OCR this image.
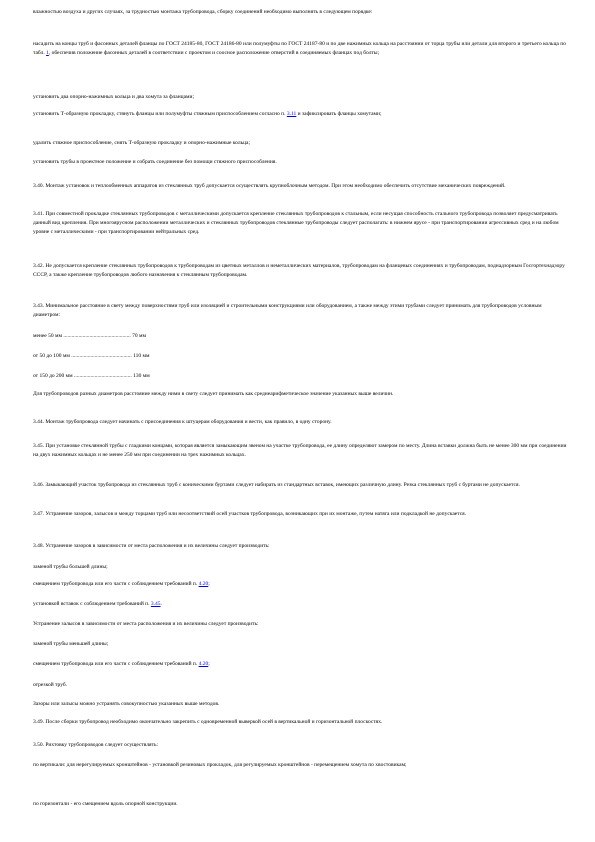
влажностью воздуха и других случаях, за трудностью монтажа трубопровода, сборку соединений необходимо выполнять в следующем порядке:

насадить на концы труб и фасонных деталей фланцы по ГОСТ 24185-80, ГОСТ 24186-80 или полумуфты по ГОСТ 24187-80 и по две нажимных кольца на расстоянии от торца трубы или детали для второго и третьего кольца по табл. 1, обеспечив положение фасонных деталей в соответствии с проектом и соосное расположение отверстий в соединяемых фланцах под болты;

установить два опорно-нажимных кольца и два хомута за фланцами;

установить Т-образную прокладку, стянуть фланцы или полумуфты стяжным приспособлением согласно п. 3.11 и зафиксировать фланцы хомутами;

удалить стяжное приспособление, снять Т-образную прокладку и опорно-нажимные кольца;

установить трубы в проектное положение и собрать соединение без помощи стяжного приспособления.

3.40. Монтаж установок и теплообменных аппаратов из стеклянных труб допускается осуществлять крупноблочным методом. При этом необходимо обеспечить отсутствие механических повреждений.

3.41. При совместной прокладке стеклянных трубопроводов с металлическими допускается крепление стеклянных трубопроводов к стальным, если несущая способность стального трубопровода позволяет предусматривать данный вид крепления. При многоярусном расположении металлических и стеклянных трубопроводов стеклянные трубопроводы следует располагать: в нижнем ярусе - при транспортировании агрессивных сред и на любом уровне с металлическими - при транспортировании нейтральных сред.

3.42. Не допускается крепление стеклянных трубопроводов к трубопроводам из цветных металлов и неметаллических материалов, трубопроводам на фланцевых соединениях и трубопроводам, поднадзорным Госгортехнадзору СССР, а также крепление трубопроводов любого назначения к стеклянным трубопроводам.

3.43. Минимальное расстояние в свету между поверхностями труб или изоляцией и строительными конструкциями или оборудованием, а также между этими трубами следует принимать для трубопроводов условным диаметром:

менее 50 мм ................................................. 70 мм

от 50 до 100 мм ............................................ 110 мм

от 150 до 200 мм .......................................... 130 мм

Для трубопроводов разных диаметров расстояние между ними в свету следует принимать как среднеарифметическое значение указанных выше величин.

3.44. Монтаж трубопровода следует начинать с присоединения к штуцерам оборудования и вести, как правило, в одну сторону.

3.45. При установке стеклянной трубы с гладкими концами, которая является замыкающим звеном на участке трубопровода, ее длину определяют замером по месту. Длина вставки должна быть не менее 300 мм при соединении на двух нажимных кольцах и не менее 250 мм при соединении на трех нажимных кольцах.

3.46. Замыкающий участок трубопровода из стеклянных труб с коническими буртами следует набирать из стандартных вставок, имеющих различную длину. Резка стеклянных труб с буртами не допускается.

3.47. Устранение зазоров, залысов и между торцами труб или несоответствий осей участков трубопровода, возникающих при их монтаже, путем натяга или подкладкой не допускается.

3.48. Устранение зазоров в зависимости от места расположения и их величины следует производить:

заменой трубы большей длины;

смещением трубопровода или его части с соблюдением требований п. 4.20;

установкой вставок с соблюдением требований п. 3.45.

Устранение залысов в зависимости от места расположения и их величины следует производить:

заменой трубы меньшей длины;

смещением трубопровода или его части с соблюдением требований п. 4.20;

отрезкой труб.

Зазоры или залысы можно устранять совокупностью указанных выше методов.

3.49. После сборки трубопровод необходимо окончательно закрепить с одновременной выверкой осей в вертикальной и горизонтальной плоскостях.

3.50. Рихтовку трубопроводов следует осуществлять:

по вертикали: для нерегулируемых кронштейнов - установкой резиновых прокладок, для регулируемых кронштейнов - перемещением хомута по хвостовикам;

по горизонтали - его смещением вдоль опорной конструкции.
